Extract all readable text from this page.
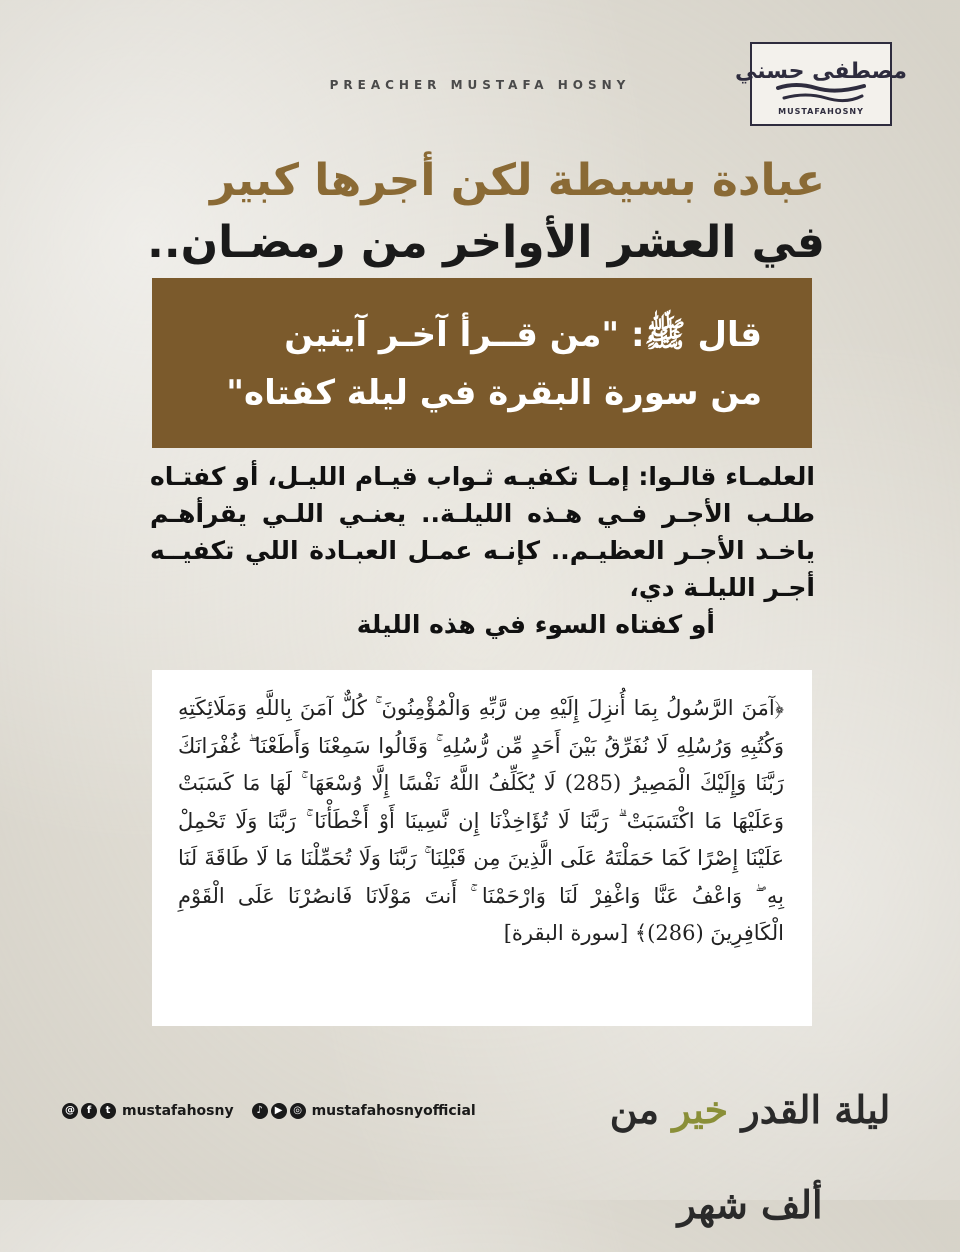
PREACHER MUSTAFA HOSNY
مصطفى حسني
MUSTAFAHOSNY
عبادة بسيطة لكن أجرها كبير
في العشر الأواخر من رمضـان..
قال ﷺ: "من قــرأ آخـر آيتين
من سورة البقرة في ليلة كفتاه"
العلمـاء قالـوا: إمـا تكفيـه ثـواب قيـام الليـل، أو كفتـاه طلـب الأجـر فـي هـذه الليلـة.. يعنـي اللـي يقرأهـم ياخـد الأجـر العظيـم.. كإنـه عمـل العبـادة اللي تكفيــه أجـر الليلـة دي،
أو كفتاه السوء في هذه الليلة
﴿آمَنَ الرَّسُولُ بِمَا أُنزِلَ إِلَيْهِ مِن رَّبِّهِ وَالْمُؤْمِنُونَ ۚ كُلٌّ آمَنَ بِاللَّهِ وَمَلَائِكَتِهِ وَكُتُبِهِ وَرُسُلِهِ لَا نُفَرِّقُ بَيْنَ أَحَدٍ مِّن رُّسُلِهِ ۚ وَقَالُوا سَمِعْنَا وَأَطَعْنَا ۖ غُفْرَانَكَ رَبَّنَا وَإِلَيْكَ الْمَصِيرُ (285) لَا يُكَلِّفُ اللَّهُ نَفْسًا إِلَّا وُسْعَهَا ۚ لَهَا مَا كَسَبَتْ وَعَلَيْهَا مَا اكْتَسَبَتْ ۗ رَبَّنَا لَا تُؤَاخِذْنَا إِن نَّسِينَا أَوْ أَخْطَأْنَا ۚ رَبَّنَا وَلَا تَحْمِلْ عَلَيْنَا إِصْرًا كَمَا حَمَلْتَهُ عَلَى الَّذِينَ مِن قَبْلِنَا ۚ رَبَّنَا وَلَا تُحَمِّلْنَا مَا لَا طَاقَةَ لَنَا بِهِ ۖ وَاعْفُ عَنَّا وَاغْفِرْ لَنَا وَارْحَمْنَا ۚ أَنتَ مَوْلَانَا فَانصُرْنَا عَلَى الْقَوْمِ الْكَافِرِينَ (286)﴾ [سورة البقرة]
@	f	t mustafahosny	♪	▶	◎ mustafahosnyofficial	ليلة القدر خير من ألف شهر
